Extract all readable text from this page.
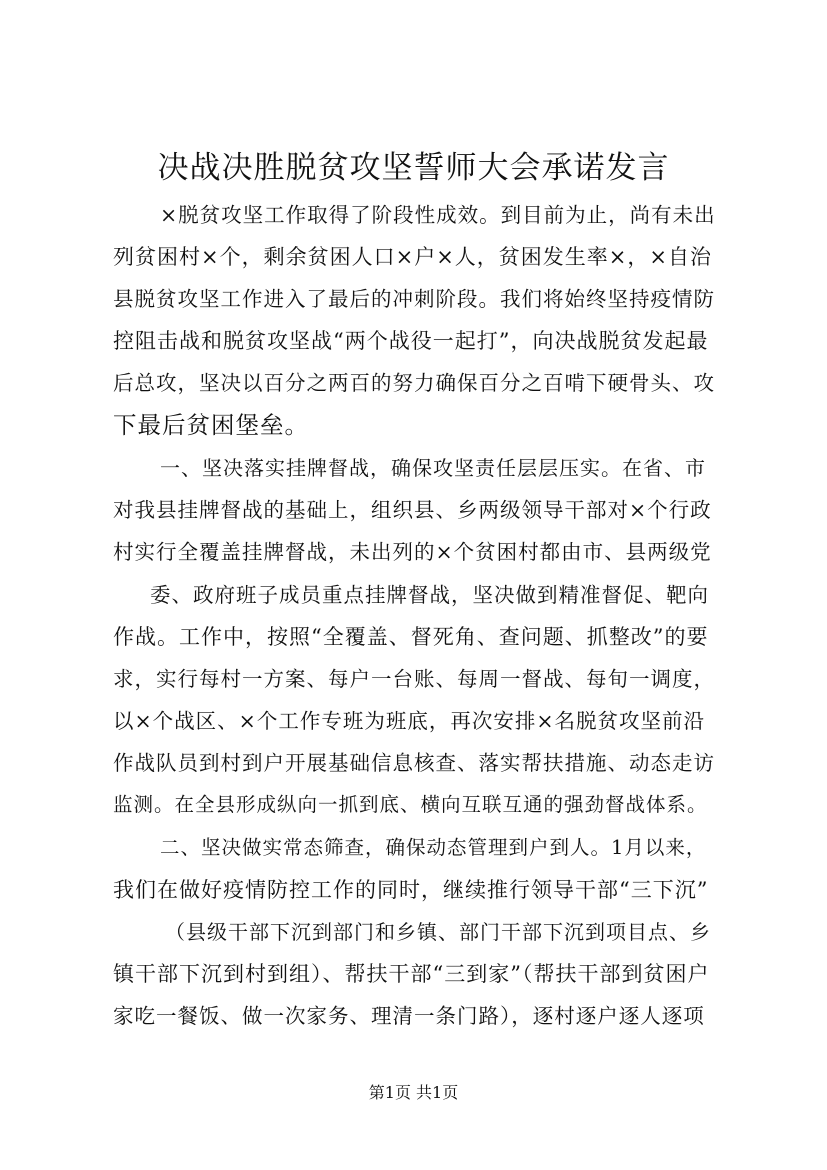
决战决胜脱贫攻坚誓师大会承诺发言
×脱贫攻坚工作取得了阶段性成效。到目前为止，尚有未出
列贫困村×个，剩余贫困人口×户×人，贫困发生率×，×自治
县脱贫攻坚工作进入了最后的冲刺阶段。我们将始终坚持疫情防
控阻击战和脱贫攻坚战“两个战役一起打”，向决战脱贫发起最
后总攻，坚决以百分之两百的努力确保百分之百啃下硬骨头、攻
下最后贫困堡垒。
一、坚决落实挂牌督战，确保攻坚责任层层压实。在省、市
对我县挂牌督战的基础上，组织县、乡两级领导干部对×个行政
村实行全覆盖挂牌督战，未出列的×个贫困村都由市、县两级党
委、政府班子成员重点挂牌督战，坚决做到精准督促、靶向
作战。工作中，按照“全覆盖、督死角、查问题、抓整改”的要
求，实行每村一方案、每户一台账、每周一督战、每旬一调度，
以×个战区、×个工作专班为班底，再次安排×名脱贫攻坚前沿
作战队员到村到户开展基础信息核查、落实帮扶措施、动态走访
监测。在全县形成纵向一抓到底、横向互联互通的强劲督战体系。
二、坚决做实常态筛查，确保动态管理到户到人。1月以来，
我们在做好疫情防控工作的同时，继续推行领导干部“三下沉”
（县级干部下沉到部门和乡镇、部门干部下沉到项目点、乡
镇干部下沉到村到组）、帮扶干部“三到家”（帮扶干部到贫困户
家吃一餐饭、做一次家务、理清一条门路），逐村逐户逐人逐项
第1页 共1页
